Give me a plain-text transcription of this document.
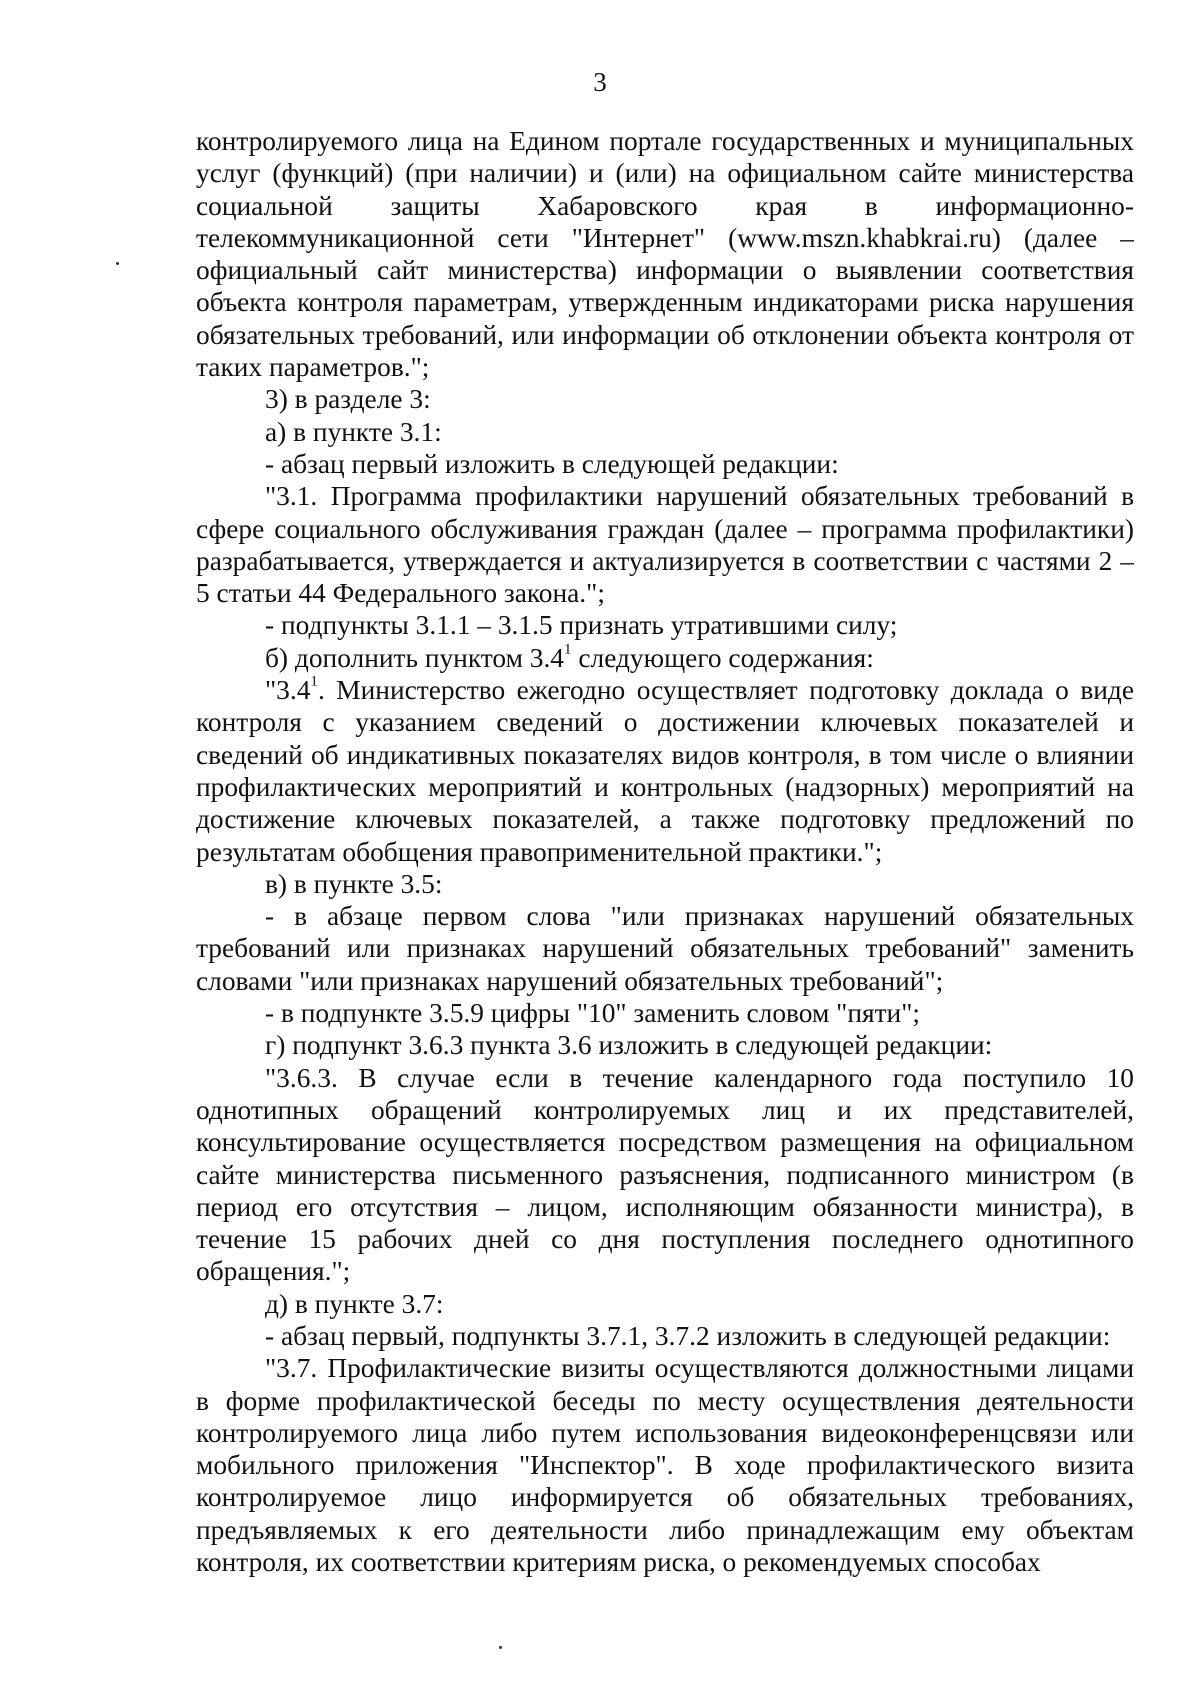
3

контролируемого лица на Едином портале государственных и муниципальных услуг (функций) (при наличии) и (или) на официальном сайте министерства социальной защиты Хабаровского края в информационно-телекоммуникационной сети "Интернет" (www.mszn.khabkrai.ru) (далее – официальный сайт министерства) информации о выявлении соответствия объекта контроля параметрам, утвержденным индикаторами риска нарушения обязательных требований, или информации об отклонении объекта контроля от таких параметров.";

3) в разделе 3:

а) в пункте 3.1:

- абзац первый изложить в следующей редакции:

"3.1. Программа профилактики нарушений обязательных требований в сфере социального обслуживания граждан (далее – программа профилактики) разрабатывается, утверждается и актуализируется в соответствии с частями 2 – 5 статьи 44 Федерального закона.";

- подпункты 3.1.1 – 3.1.5 признать утратившими силу;

б) дополнить пунктом $3.4^1$ следующего содержания:

"$3.4^1$. Министерство ежегодно осуществляет подготовку доклада о виде контроля с указанием сведений о достижении ключевых показателей и сведений об индикативных показателях видов контроля, в том числе о влиянии профилактических мероприятий и контрольных (надзорных) мероприятий на достижение ключевых показателей, а также подготовку предложений по результатам обобщения правоприменительной практики.";

в) в пункте 3.5:

- в абзаце первом слова "или признаках нарушений обязательных требований или признаках нарушений обязательных требований" заменить словами "или признаках нарушений обязательных требований";

- в подпункте 3.5.9 цифры "10" заменить словом "пяти";

г) подпункт 3.6.3 пункта 3.6 изложить в следующей редакции:

"3.6.3. В случае если в течение календарного года поступило 10 однотипных обращений контролируемых лиц и их представителей, консультирование осуществляется посредством размещения на официальном сайте министерства письменного разъяснения, подписанного министром (в период его отсутствия – лицом, исполняющим обязанности министра), в течение 15 рабочих дней со дня поступления последнего однотипного обращения.";

д) в пункте 3.7:

- абзац первый, подпункты 3.7.1, 3.7.2 изложить в следующей редакции:

"3.7. Профилактические визиты осуществляются должностными лицами в форме профилактической беседы по месту осуществления деятельности контролируемого лица либо путем использования видеоконференцсвязи или мобильного приложения "Инспектор". В ходе профилактического визита контролируемое лицо информируется об обязательных требованиях, предъявляемых к его деятельности либо принадлежащим ему объектам контроля, их соответствии критериям риска, о рекомендуемых способах
